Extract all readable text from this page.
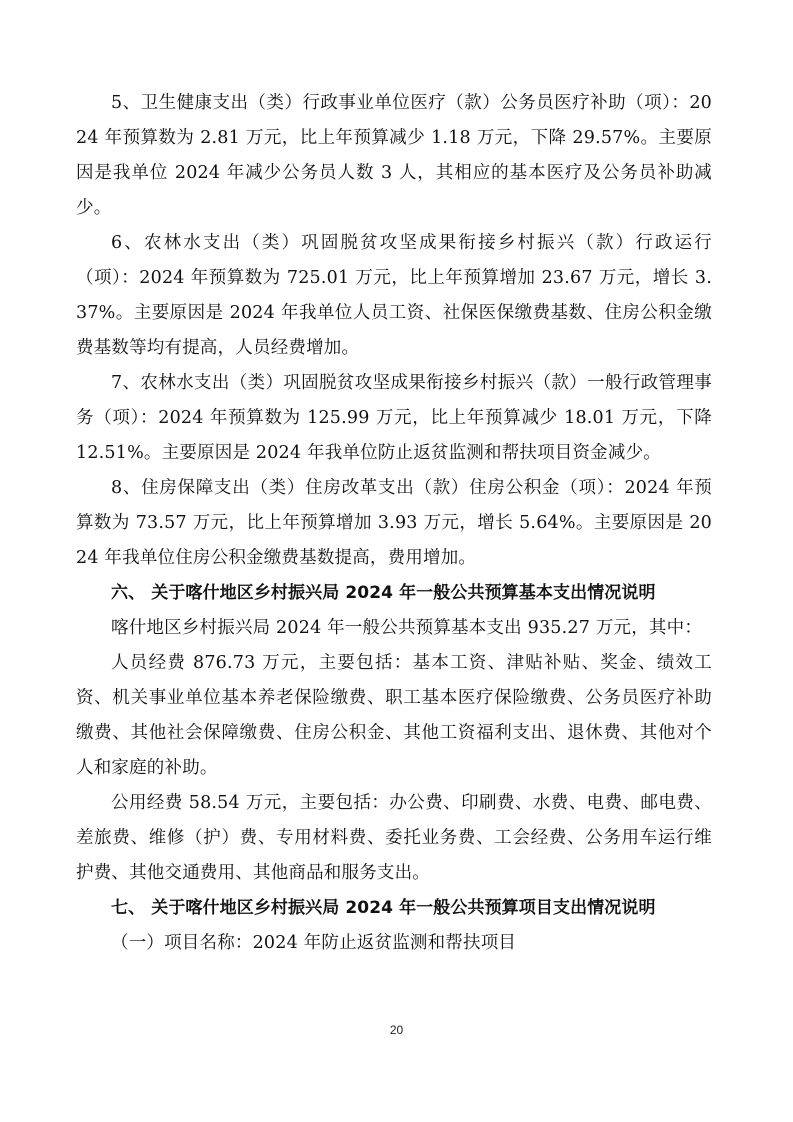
5、卫生健康支出（类）行政事业单位医疗（款）公务员医疗补助（项）：2024 年预算数为 2.81 万元，比上年预算减少 1.18 万元，下降 29.57%。主要原因是我单位 2024 年减少公务员人数 3 人，其相应的基本医疗及公务员补助减少。

6、农林水支出（类）巩固脱贫攻坚成果衔接乡村振兴（款）行政运行（项）：2024 年预算数为 725.01 万元，比上年预算增加 23.67 万元，增长 3.37%。主要原因是 2024 年我单位人员工资、社保医保缴费基数、住房公积金缴费基数等均有提高，人员经费增加。

7、农林水支出（类）巩固脱贫攻坚成果衔接乡村振兴（款）一般行政管理事务（项）：2024 年预算数为 125.99 万元，比上年预算减少 18.01 万元，下降 12.51%。主要原因是 2024 年我单位防止返贫监测和帮扶项目资金减少。

8、住房保障支出（类）住房改革支出（款）住房公积金（项）：2024 年预算数为 73.57 万元，比上年预算增加 3.93 万元，增长 5.64%。主要原因是 2024 年我单位住房公积金缴费基数提高，费用增加。

六、 关于喀什地区乡村振兴局 2024 年一般公共预算基本支出情况说明

喀什地区乡村振兴局 2024 年一般公共预算基本支出 935.27 万元，其中：

人员经费 876.73 万元，主要包括：基本工资、津贴补贴、奖金、绩效工资、机关事业单位基本养老保险缴费、职工基本医疗保险缴费、公务员医疗补助缴费、其他社会保障缴费、住房公积金、其他工资福利支出、退休费、其他对个人和家庭的补助。

公用经费 58.54 万元，主要包括：办公费、印刷费、水费、电费、邮电费、差旅费、维修（护）费、专用材料费、委托业务费、工会经费、公务用车运行维护费、其他交通费用、其他商品和服务支出。

七、 关于喀什地区乡村振兴局 2024 年一般公共预算项目支出情况说明

（一）项目名称：2024 年防止返贫监测和帮扶项目

20
